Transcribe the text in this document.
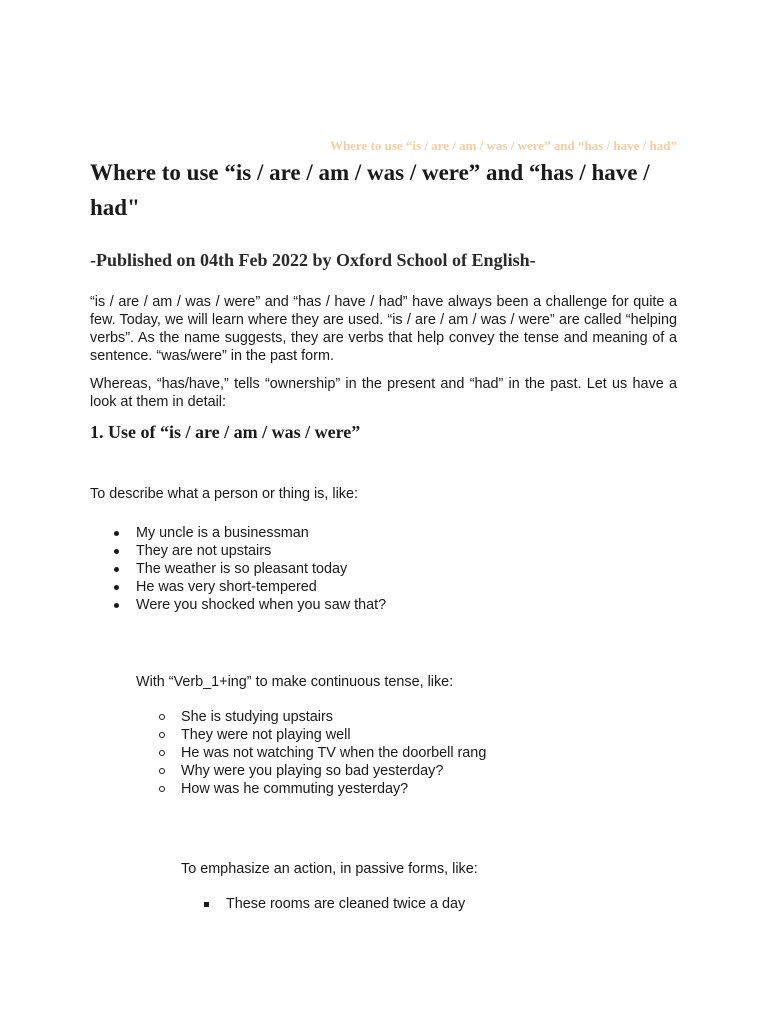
Where to use “is / are / am / was / were” and “has / have / had”
Where to use “is / are / am / was / were” and “has / have / had"
-Published on 04th Feb 2022 by Oxford School of English-

“is / are / am / was / were” and “has / have / had” have always been a challenge for quite a few. Today, we will learn where they are used. “is / are / am / was / were” are called “helping verbs”. As the name suggests, they are verbs that help convey the tense and meaning of a sentence. “was/were” in the past form.

Whereas, “has/have,” tells “ownership” in the present and “had” in the past. Let us have a look at them in detail:

1. Use of “is / are / am / was / were”

To describe what a person or thing is, like:

My uncle is a businessman
They are not upstairs
The weather is so pleasant today
He was very short-tempered
Were you shocked when you saw that?

With “Verb_1+ing” to make continuous tense, like:

She is studying upstairs
They were not playing well
He was not watching TV when the doorbell rang
Why were you playing so bad yesterday?
How was he commuting yesterday?

To emphasize an action, in passive forms, like:

These rooms are cleaned twice a day
